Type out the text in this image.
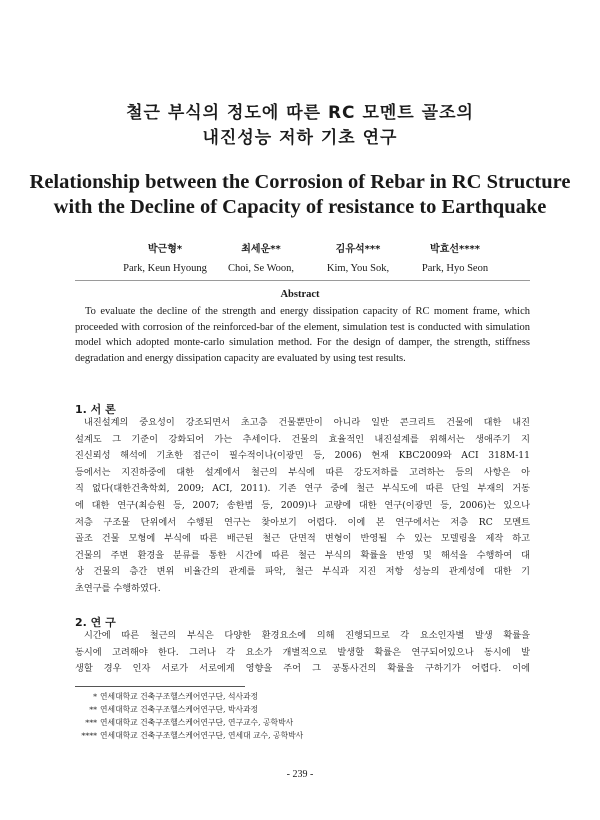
철근 부식의 정도에 따른 RC 모멘트 골조의
내진성능 저하 기초 연구
Relationship between the Corrosion of Rebar in RC Structure
with the Decline of Capacity of resistance to Earthquake
박근형*
Park, Keun Hyoung
최세운**
Choi, Se Woon,
김유석***
Kim, You Sok,
박효선****
Park, Hyo Seon
Abstract
To evaluate the decline of the strength and energy dissipation capacity of RC moment frame, which
proceeded with corrosion of the reinforced-bar of the element, simulation test is conducted with simulation
model which adopted monte-carlo simulation method. For the design of damper, the strength, stiffness
degradation and energy dissipation capacity are evaluated by using test results.
1. 서 론
내진설계의 중요성이 강조되면서 초고층 건물뿐만이 아니라 일반 콘크리트 건물에 대한 내진
설계도 그 기준이 강화되어 가는 추세이다. 건물의 효율적인 내진설계를 위해서는 생애주기 지
진신뢰성 해석에 기초한 접근이 필수적이나(이광민 등, 2006) 현재 KBC2009와 ACI 318M-11
등에서는 지진하중에 대한 설계에서 철근의 부식에 따른 강도저하를 고려하는 등의 사항은 아
직 없다(대한건축학회, 2009; ACI, 2011). 기존 연구 중에 철근 부식도에 따른 단일 부재의 거동
에 대한 연구(최승원 등, 2007; 송한범 등, 2009)나 교량에 대한 연구(이광민 등, 2006)는 있으나
저층 구조물 단위에서 수행된 연구는 찾아보기 어렵다. 이에 본 연구에서는 저층 RC 모멘트
골조 건물 모형에 부식에 따른 배근된 철근 단면적 변형이 반영될 수 있는 모델링을 제작 하고
건물의 주변 환경을 분류를 통한 시간에 따른 철근 부식의 확률을 반영 및 해석을 수행하여 대
상 건물의 층간 변위 비율간의 관계를 파악, 철근 부식과 지진 저항 성능의 관계성에 대한 기
초연구를 수행하였다.
2. 연 구
시간에 따른 철근의 부식은 다양한 환경요소에 의해 진행되므로 각 요소인자별 발생 확률을
동시에 고려해야 한다. 그러나 각 요소가 개별적으로 발생할 확률은 연구되어있으나 동시에 발
생할 경우 인자 서로가 서로에게 영향을 주어 그 공통사건의 확률을 구하기가 어렵다. 이에
* 연세대학교 건축구조헬스케어연구단, 석사과정
** 연세대학교 건축구조헬스케어연구단, 박사과정
*** 연세대학교 건축구조헬스케어연구단, 연구교수, 공학박사
**** 연세대학교 건축구조헬스케어연구단, 연세대 교수, 공학박사
- 239 -
